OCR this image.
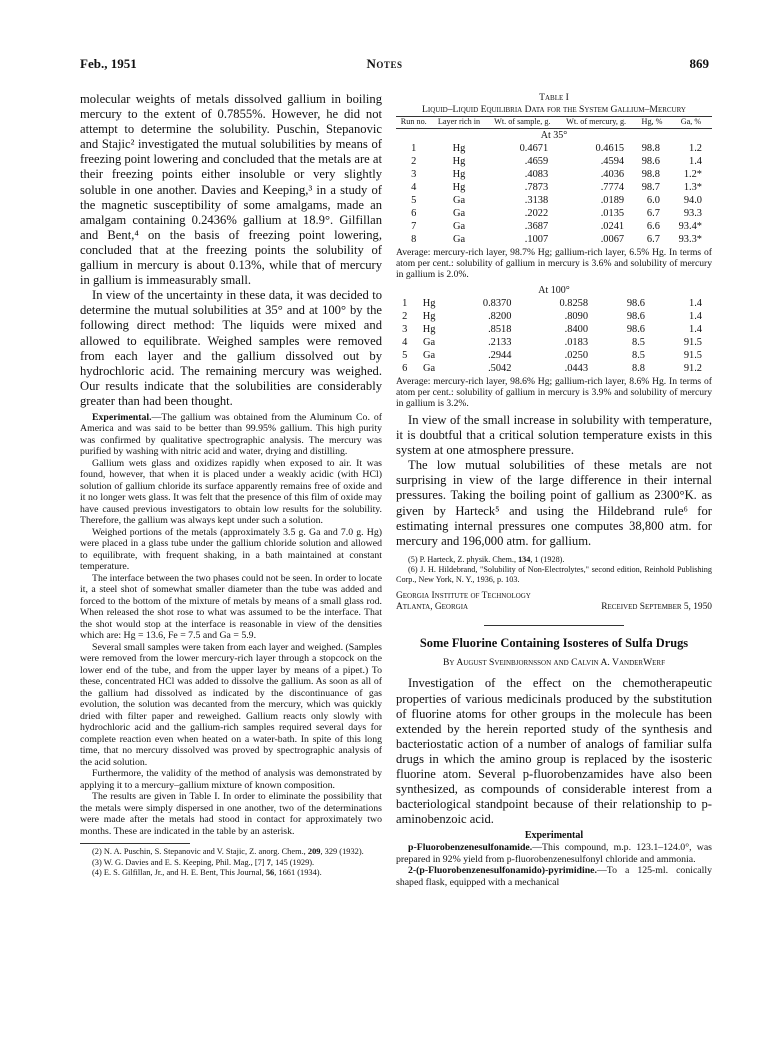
Feb., 1951	Notes	869

molecular weights of metals dissolved gallium in boiling mercury to the extent of 0.7855%. However, he did not attempt to determine the solubility. Puschin, Stepanovic and Stajic² investigated the mutual solubilities by means of freezing point lowering and concluded that the metals are at their freezing points either insoluble or very slightly soluble in one another. Davies and Keeping,³ in a study of the magnetic susceptibility of some amalgams, made an amalgam containing 0.2436% gallium at 18.9°. Gilfillan and Bent,⁴ on the basis of freezing point lowering, concluded that at the freezing points the solubility of gallium in mercury is about 0.13%, while that of mercury in gallium is immeasurably small.

In view of the uncertainty in these data, it was decided to determine the mutual solubilities at 35° and at 100° by the following direct method: The liquids were mixed and allowed to equilibrate. Weighed samples were removed from each layer and the gallium dissolved out by hydrochloric acid. The remaining mercury was weighed. Our results indicate that the solubilities are considerably greater than had been thought.

Experimental.—The gallium was obtained from the Aluminum Co. of America and was said to be better than 99.95% gallium. This high purity was confirmed by qualitative spectrographic analysis. The mercury was purified by washing with nitric acid and water, drying and distilling.

Gallium wets glass and oxidizes rapidly when exposed to air. It was found, however, that when it is placed under a weakly acidic (with HCl) solution of gallium chloride its surface apparently remains free of oxide and it no longer wets glass. It was felt that the presence of this film of oxide may have caused previous investigators to obtain low results for the solubility. Therefore, the gallium was always kept under such a solution.

Weighed portions of the metals (approximately 3.5 g. Ga and 7.0 g. Hg) were placed in a glass tube under the gallium chloride solution and allowed to equilibrate, with frequent shaking, in a bath maintained at constant temperature.

The interface between the two phases could not be seen. In order to locate it, a steel shot of somewhat smaller diameter than the tube was added and forced to the bottom of the mixture of metals by means of a small glass rod. When released the shot rose to what was assumed to be the interface. That the shot would stop at the interface is reasonable in view of the densities which are: Hg = 13.6, Fe = 7.5 and Ga = 5.9.

Several small samples were taken from each layer and weighed. (Samples were removed from the lower mercury-rich layer through a stopcock on the lower end of the tube, and from the upper layer by means of a pipet.) To these, concentrated HCl was added to dissolve the gallium. As soon as all of the gallium had dissolved as indicated by the discontinuance of gas evolution, the solution was decanted from the mercury, which was quickly dried with filter paper and reweighed. Gallium reacts only slowly with hydrochloric acid and the gallium-rich samples required several days for complete reaction even when heated on a water-bath. In spite of this long time, that no mercury dissolved was proved by spectrographic analysis of the acid solution.

Furthermore, the validity of the method of analysis was demonstrated by applying it to a mercury–gallium mixture of known composition.

The results are given in Table I. In order to eliminate the possibility that the metals were simply dispersed in one another, two of the determinations were made after the metals had stood in contact for approximately two months. These are indicated in the table by an asterisk.

(2) N. A. Puschin, S. Stepanovic and V. Stajic, Z. anorg. Chem., 209, 329 (1932).

(3) W. G. Davies and E. S. Keeping, Phil. Mag., [7] 7, 145 (1929).

(4) E. S. Gilfillan, Jr., and H. E. Bent, This Journal, 56, 1661 (1934).

Table I
Liquid–Liquid Equilibria Data for the System Gallium–Mercury
Run no.	Layer rich in	Wt. of sample, g.	Wt. of mercury, g.	Hg, %	Ga, %
At 35°					
1	Hg	0.4671	0.4615	98.8	1.2
2	Hg	.4659	.4594	98.6	1.4
3	Hg	.4083	.4036	98.8	1.2*
4	Hg	.7873	.7774	98.7	1.3*
5	Ga	.3138	.0189	6.0	94.0
6	Ga	.2022	.0135	6.7	93.3
7	Ga	.3687	.0241	6.6	93.4*
8	Ga	.1007	.0067	6.7	93.3*

Average: mercury-rich layer, 98.7% Hg; gallium-rich layer, 6.5% Hg. In terms of atom per cent.: solubility of gallium in mercury is 3.6% and solubility of mercury in gallium is 2.0%.

At 100°					
1	Hg	0.8370	0.8258	98.6	1.4
2	Hg	.8200	.8090	98.6	1.4
3	Hg	.8518	.8400	98.6	1.4
4	Ga	.2133	.0183	8.5	91.5
5	Ga	.2944	.0250	8.5	91.5
6	Ga	.5042	.0443	8.8	91.2

Average: mercury-rich layer, 98.6% Hg; gallium-rich layer, 8.6% Hg. In terms of atom per cent.: solubility of gallium in mercury is 3.9% and solubility of mercury in gallium is 3.2%.

In view of the small increase in solubility with temperature, it is doubtful that a critical solution temperature exists in this system at one atmosphere pressure.

The low mutual solubilities of these metals are not surprising in view of the large difference in their internal pressures. Taking the boiling point of gallium as 2300°K. as given by Harteck⁵ and using the Hildebrand rule⁶ for estimating internal pressures one computes 38,800 atm. for mercury and 196,000 atm. for gallium.

(5) P. Harteck, Z. physik. Chem., 134, 1 (1928).

(6) J. H. Hildebrand, "Solubility of Non-Electrolytes," second edition, Reinhold Publishing Corp., New York, N. Y., 1936, p. 103.

Georgia Institute of Technology
Atlanta, Georgia	Received September 5, 1950
Some Fluorine Containing Isosteres of Sulfa Drugs
By August Sveinbjornsson and Calvin A. VanderWerf

Investigation of the effect on the chemotherapeutic properties of various medicinals produced by the substitution of fluorine atoms for other groups in the molecule has been extended by the herein reported study of the synthesis and bacteriostatic action of a number of analogs of familiar sulfa drugs in which the amino group is replaced by the isosteric fluorine atom. Several p-fluorobenzamides have also been synthesized, as compounds of considerable interest from a bacteriological standpoint because of their relationship to p-aminobenzoic acid.

Experimental

p-Fluorobenzenesulfonamide.—This compound, m.p. 123.1–124.0°, was prepared in 92% yield from p-fluorobenzenesulfonyl chloride and ammonia.

2-(p-Fluorobenzenesulfonamido)-pyrimidine.—To a 125-ml. conically shaped flask, equipped with a mechanical
